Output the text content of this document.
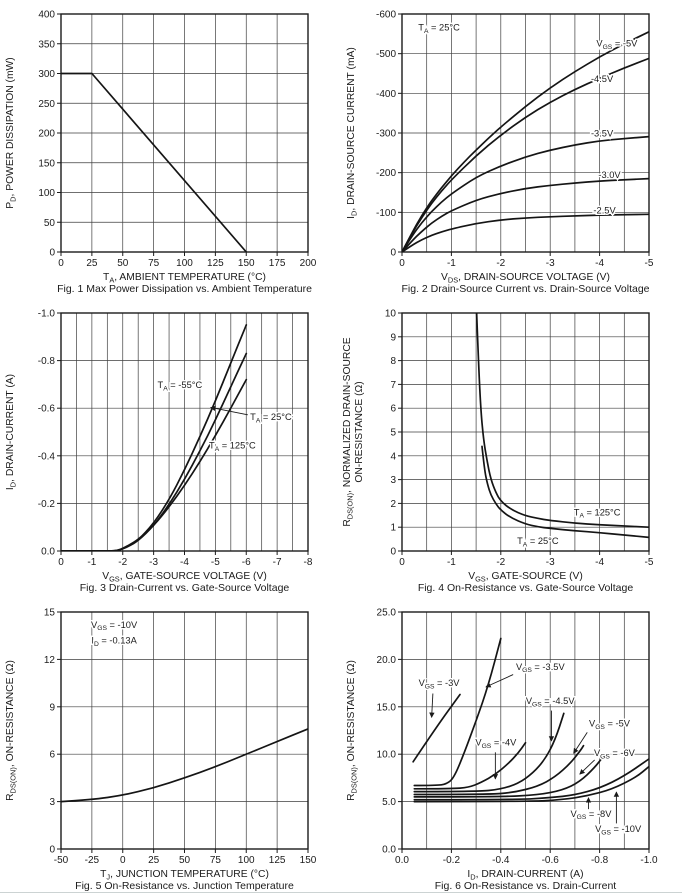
0 25 50 75 100 125 150 175 200
0
50
100
150
200
250
300
350
400
$T_A$, AMBIENT TEMPERATURE (°C)
$P_D$, POWER DISSIPATION (mW)
Fig. 1 Max Power Dissipation vs. Ambient Temperature
0	-1	-2	-3	-4	-5
0
-100
-200
-300
-400
-500
-600
$V_{DS}$, DRAIN-SOURCE VOLTAGE (V)
$I_D$, DRAIN-SOURCE CURRENT (mA)
$T_A = 25^\circ C$
$V_{GS} = -5V$
-4.5V
-3.5V
-3.0V
-2.5V
Fig. 2 Drain-Source Current vs. Drain-Source Voltage
0 -1 -2 -3 -4 -5 -6 -7 -8
0.0
-0.2
-0.4
-0.6
-0.8
-1.0
$V_{GS}$, GATE-SOURCE VOLTAGE (V)
$I_D$, DRAIN-CURRENT (A)	$T_A = -55^\circ C$
$T_A = 25^\circ C$
$T_A = 125^\circ C$
Fig. 3 Drain-Current vs. Gate-Source Voltage
0	-1	-2	-3	-4	-5
0
1
2
3
4
5
6
7
8
9
10
$V_{GS}$, GATE-SOURCE (V)
$R_{DS(ON)}$, NORMALIZED DRAIN-SOURCE ON-RESISTANCE (Ω)
$T_A = 125^\circ C$
$T_A = 25^\circ C$
Fig. 4 On-Resistance vs. Gate-Source Voltage
-50 -25 0 25 50 75 100 125 150
0
3
6
9
12
15
$T_J$, JUNCTION TEMPERATURE (°C)
$R_{DS(ON)}$, ON-RESISTANCE (Ω)
$V_{GS} = -10V$
$I_D = -0.13A$
Fig. 5 On-Resistance vs. Junction Temperature
0.0	-0.2	-0.4	-0.6	-0.8	-1.0
0.0
5.0
10.0
15.0
20.0
25.0
$I_D$, DRAIN-CURRENT (A)
$R_{DS(ON)}$, ON-RESISTANCE (Ω)	$V_{GS} = -3V$
$V_{GS} = -3.5V$
$V_{GS} = -4V$
$V_{GS} = -4.5V$
$V_{GS} = -5V$
$V_{GS} = -6V$
$V_{GS} = -8V$
$V_{GS} = -10V$
Fig. 6 On-Resistance vs. Drain-Current
